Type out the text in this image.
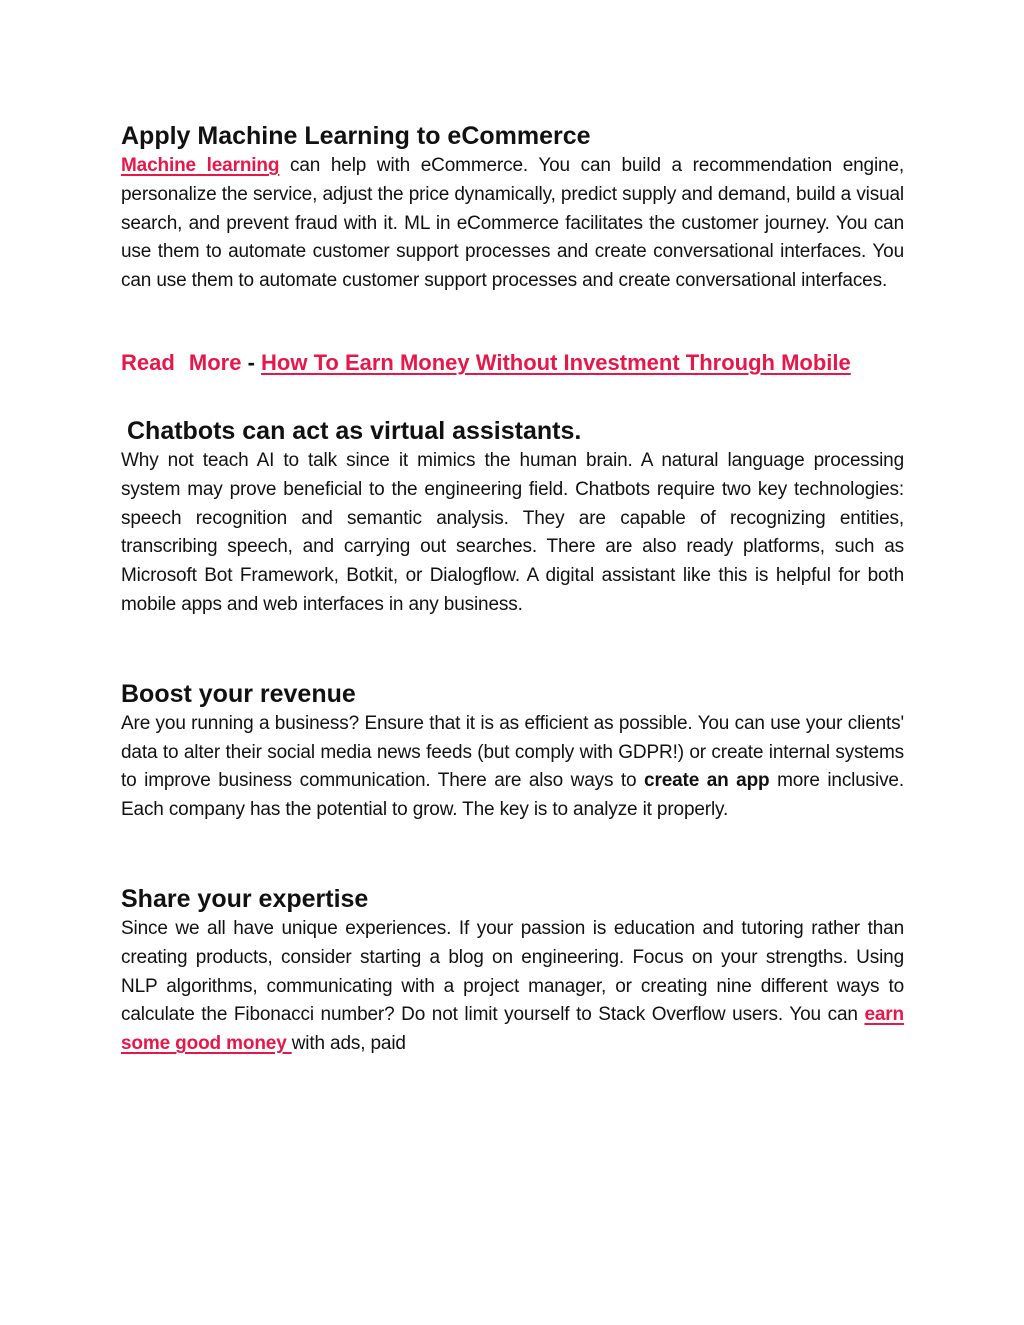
Apply Machine Learning to eCommerce

Machine learning can help with eCommerce. You can build a recommendation engine, personalize the service, adjust the price dynamically, predict supply and demand, build a visual search, and prevent fraud with it. ML in eCommerce facilitates the customer journey. You can use them to automate customer support processes and create conversational interfaces. You can use them to automate customer support processes and create conversational interfaces.

Read More - How To Earn Money Without Investment Through Mobile
Chatbots can act as virtual assistants.

Why not teach AI to talk since it mimics the human brain. A natural language processing system may prove beneficial to the engineering field. Chatbots require two key technologies: speech recognition and semantic analysis. They are capable of recognizing entities, transcribing speech, and carrying out searches. There are also ready platforms, such as Microsoft Bot Framework, Botkit, or Dialogflow. A digital assistant like this is helpful for both mobile apps and web interfaces in any business.

Boost your revenue

Are you running a business? Ensure that it is as efficient as possible. You can use your clients' data to alter their social media news feeds (but comply with GDPR!) or create internal systems to improve business communication. There are also ways to create an app more inclusive. Each company has the potential to grow. The key is to analyze it properly.

Share your expertise

Since we all have unique experiences. If your passion is education and tutoring rather than creating products, consider starting a blog on engineering. Focus on your strengths. Using NLP algorithms, communicating with a project manager, or creating nine different ways to calculate the Fibonacci number? Do not limit yourself to Stack Overflow users. You can earn some good money with ads, paid
